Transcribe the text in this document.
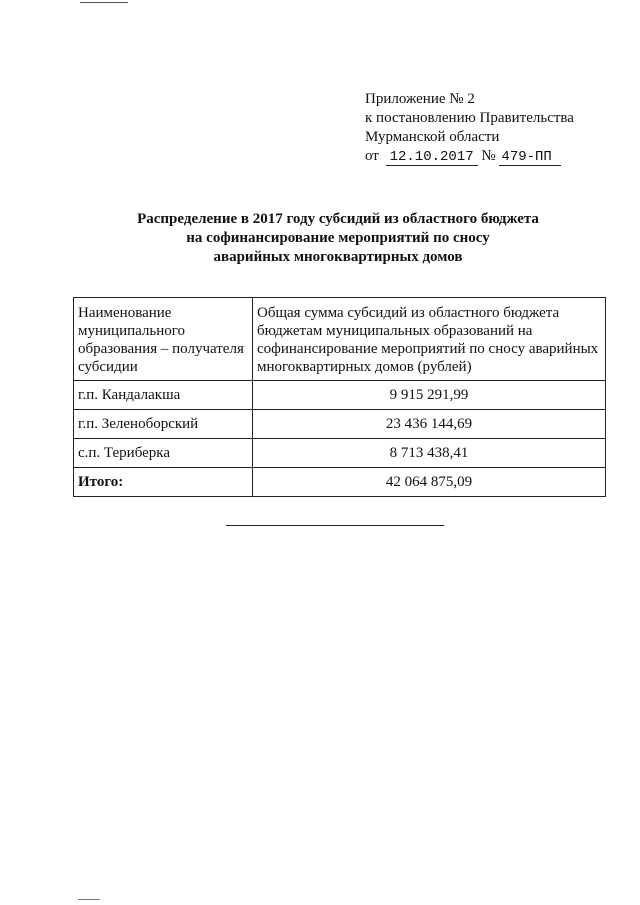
Приложение № 2
к постановлению Правительства
Мурманской области
от 12.10.2017 № 479-ПП
Распределение в 2017 году субсидий из областного бюджета
на софинансирование мероприятий по сносу
аварийных многоквартирных домов
Наименование муниципального образования – получателя субсидии	Общая сумма субсидий из областного бюджета бюджетам муниципальных образований на софинансирование мероприятий по сносу аварийных многоквартирных домов (рублей)
г.п. Кандалакша	9 915 291,99
г.п. Зеленоборский	23 436 144,69
с.п. Териберка	8 713 438,41
Итого:	42 064 875,09
